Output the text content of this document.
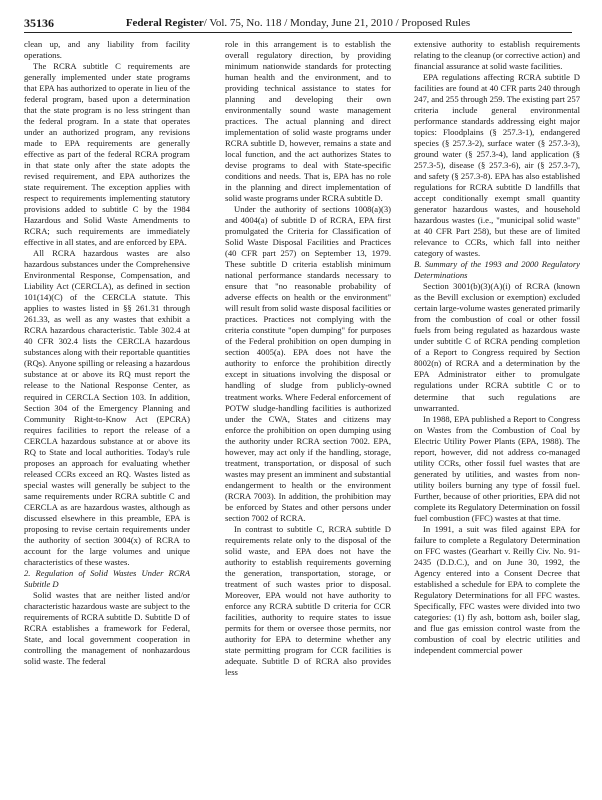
35136	Federal Register/ Vol. 75, No. 118 / Monday, June 21, 2010 / Proposed Rules

clean up, and any liability from facility operations.

The RCRA subtitle C requirements are generally implemented under state programs that EPA has authorized to operate in lieu of the federal program, based upon a determination that the state program is no less stringent than the federal program. In a state that operates under an authorized program, any revisions made to EPA requirements are generally effective as part of the federal RCRA program in that state only after the state adopts the revised requirement, and EPA authorizes the state requirement. The exception applies with respect to requirements implementing statutory provisions added to subtitle C by the 1984 Hazardous and Solid Waste Amendments to RCRA; such requirements are immediately effective in all states, and are enforced by EPA.

All RCRA hazardous wastes are also hazardous substances under the Comprehensive Environmental Response, Compensation, and Liability Act (CERCLA), as defined in section 101(14)(C) of the CERCLA statute. This applies to wastes listed in §§ 261.31 through 261.33, as well as any wastes that exhibit a RCRA hazardous characteristic. Table 302.4 at 40 CFR 302.4 lists the CERCLA hazardous substances along with their reportable quantities (RQs). Anyone spilling or releasing a hazardous substance at or above its RQ must report the release to the National Response Center, as required in CERCLA Section 103. In addition, Section 304 of the Emergency Planning and Community Right-to-Know Act (EPCRA) requires facilities to report the release of a CERCLA hazardous substance at or above its RQ to State and local authorities. Today's rule proposes an approach for evaluating whether released CCRs exceed an RQ. Wastes listed as special wastes will generally be subject to the same requirements under RCRA subtitle C and CERCLA as are hazardous wastes, although as discussed elsewhere in this preamble, EPA is proposing to revise certain requirements under the authority of section 3004(x) of RCRA to account for the large volumes and unique characteristics of these wastes.

2. Regulation of Solid Wastes Under RCRA Subtitle D

Solid wastes that are neither listed and/or characteristic hazardous waste are subject to the requirements of RCRA subtitle D. Subtitle D of RCRA establishes a framework for Federal, State, and local government cooperation in controlling the management of nonhazardous solid waste. The federal

role in this arrangement is to establish the overall regulatory direction, by providing minimum nationwide standards for protecting human health and the environment, and to providing technical assistance to states for planning and developing their own environmentally sound waste management practices. The actual planning and direct implementation of solid waste programs under RCRA subtitle D, however, remains a state and local function, and the act authorizes States to devise programs to deal with State-specific conditions and needs. That is, EPA has no role in the planning and direct implementation of solid waste programs under RCRA subtitle D.

Under the authority of sections 1008(a)(3) and 4004(a) of subtitle D of RCRA, EPA first promulgated the Criteria for Classification of Solid Waste Disposal Facilities and Practices (40 CFR part 257) on September 13, 1979. These subtitle D criteria establish minimum national performance standards necessary to ensure that "no reasonable probability of adverse effects on health or the environment" will result from solid waste disposal facilities or practices. Practices not complying with the criteria constitute "open dumping" for purposes of the Federal prohibition on open dumping in section 4005(a). EPA does not have the authority to enforce the prohibition directly except in situations involving the disposal or handling of sludge from publicly-owned treatment works. Where Federal enforcement of POTW sludge-handling facilities is authorized under the CWA, States and citizens may enforce the prohibition on open dumping using the authority under RCRA section 7002. EPA, however, may act only if the handling, storage, treatment, transportation, or disposal of such wastes may present an imminent and substantial endangerment to health or the environment (RCRA 7003). In addition, the prohibition may be enforced by States and other persons under section 7002 of RCRA.

In contrast to subtitle C, RCRA subtitle D requirements relate only to the disposal of the solid waste, and EPA does not have the authority to establish requirements governing the generation, transportation, storage, or treatment of such wastes prior to disposal. Moreover, EPA would not have authority to enforce any RCRA subtitle D criteria for CCR facilities, authority to require states to issue permits for them or oversee those permits, nor authority for EPA to determine whether any state permitting program for CCR facilities is adequate. Subtitle D of RCRA also provides less

extensive authority to establish requirements relating to the cleanup (or corrective action) and financial assurance at solid waste facilities.

EPA regulations affecting RCRA subtitle D facilities are found at 40 CFR parts 240 through 247, and 255 through 259. The existing part 257 criteria include general environmental performance standards addressing eight major topics: Floodplains (§ 257.3-1), endangered species (§ 257.3-2), surface water (§ 257.3-3), ground water (§ 257.3-4), land application (§ 257.3-5), disease (§ 257.3-6), air (§ 257.3-7), and safety (§ 257.3-8). EPA has also established regulations for RCRA subtitle D landfills that accept conditionally exempt small quantity generator hazardous wastes, and household hazardous wastes (i.e., "municipal solid waste" at 40 CFR Part 258), but these are of limited relevance to CCRs, which fall into neither category of wastes.

B. Summary of the 1993 and 2000 Regulatory Determinations

Section 3001(b)(3)(A)(i) of RCRA (known as the Bevill exclusion or exemption) excluded certain large-volume wastes generated primarily from the combustion of coal or other fossil fuels from being regulated as hazardous waste under subtitle C of RCRA pending completion of a Report to Congress required by Section 8002(n) of RCRA and a determination by the EPA Administrator either to promulgate regulations under RCRA subtitle C or to determine that such regulations are unwarranted.

In 1988, EPA published a Report to Congress on Wastes from the Combustion of Coal by Electric Utility Power Plants (EPA, 1988). The report, however, did not address co-managed utility CCRs, other fossil fuel wastes that are generated by utilities, and wastes from non-utility boilers burning any type of fossil fuel. Further, because of other priorities, EPA did not complete its Regulatory Determination on fossil fuel combustion (FFC) wastes at that time.

In 1991, a suit was filed against EPA for failure to complete a Regulatory Determination on FFC wastes (Gearhart v. Reilly Civ. No. 91-2435 (D.D.C.), and on June 30, 1992, the Agency entered into a Consent Decree that established a schedule for EPA to complete the Regulatory Determinations for all FFC wastes. Specifically, FFC wastes were divided into two categories: (1) fly ash, bottom ash, boiler slag, and flue gas emission control waste from the combustion of coal by electric utilities and independent commercial power
